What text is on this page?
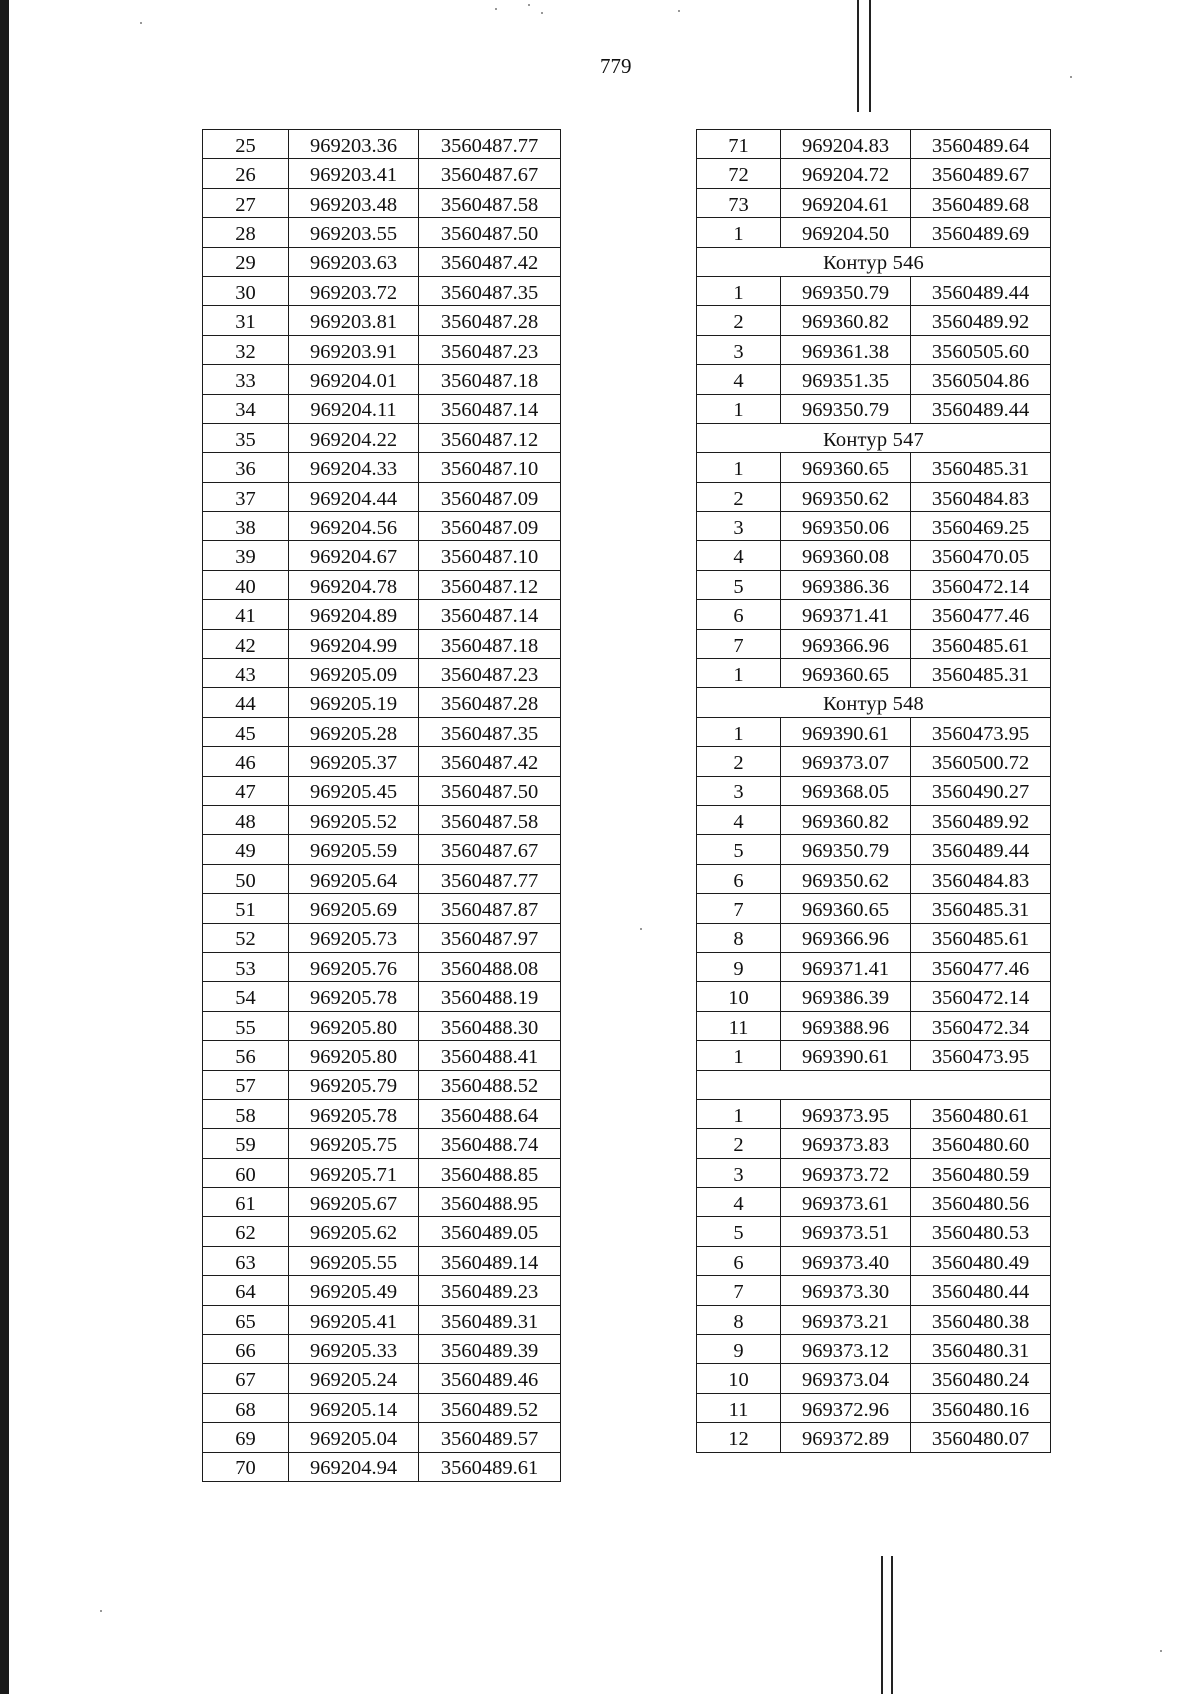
779
25	969203.36	3560487.77
26	969203.41	3560487.67
27	969203.48	3560487.58
28	969203.55	3560487.50
29	969203.63	3560487.42
30	969203.72	3560487.35
31	969203.81	3560487.28
32	969203.91	3560487.23
33	969204.01	3560487.18
34	969204.11	3560487.14
35	969204.22	3560487.12
36	969204.33	3560487.10
37	969204.44	3560487.09
38	969204.56	3560487.09
39	969204.67	3560487.10
40	969204.78	3560487.12
41	969204.89	3560487.14
42	969204.99	3560487.18
43	969205.09	3560487.23
44	969205.19	3560487.28
45	969205.28	3560487.35
46	969205.37	3560487.42
47	969205.45	3560487.50
48	969205.52	3560487.58
49	969205.59	3560487.67
50	969205.64	3560487.77
51	969205.69	3560487.87
52	969205.73	3560487.97
53	969205.76	3560488.08
54	969205.78	3560488.19
55	969205.80	3560488.30
56	969205.80	3560488.41
57	969205.79	3560488.52
58	969205.78	3560488.64
59	969205.75	3560488.74
60	969205.71	3560488.85
61	969205.67	3560488.95
62	969205.62	3560489.05
63	969205.55	3560489.14
64	969205.49	3560489.23
65	969205.41	3560489.31
66	969205.33	3560489.39
67	969205.24	3560489.46
68	969205.14	3560489.52
69	969205.04	3560489.57
70	969204.94	3560489.61
71	969204.83	3560489.64
72	969204.72	3560489.67
73	969204.61	3560489.68
1	969204.50	3560489.69
Контур 546		
1	969350.79	3560489.44
2	969360.82	3560489.92
3	969361.38	3560505.60
4	969351.35	3560504.86
1	969350.79	3560489.44
Контур 547		
1	969360.65	3560485.31
2	969350.62	3560484.83
3	969350.06	3560469.25
4	969360.08	3560470.05
5	969386.36	3560472.14
6	969371.41	3560477.46
7	969366.96	3560485.61
1	969360.65	3560485.31
Контур 548		
1	969390.61	3560473.95
2	969373.07	3560500.72
3	969368.05	3560490.27
4	969360.82	3560489.92
5	969350.79	3560489.44
6	969350.62	3560484.83
7	969360.65	3560485.31
8	969366.96	3560485.61
9	969371.41	3560477.46
10	969386.39	3560472.14
11	969388.96	3560472.34
1	969390.61	3560473.95

1	969373.95	3560480.61
2	969373.83	3560480.60
3	969373.72	3560480.59
4	969373.61	3560480.56
5	969373.51	3560480.53
6	969373.40	3560480.49
7	969373.30	3560480.44
8	969373.21	3560480.38
9	969373.12	3560480.31
10	969373.04	3560480.24
11	969372.96	3560480.16
12	969372.89	3560480.07
